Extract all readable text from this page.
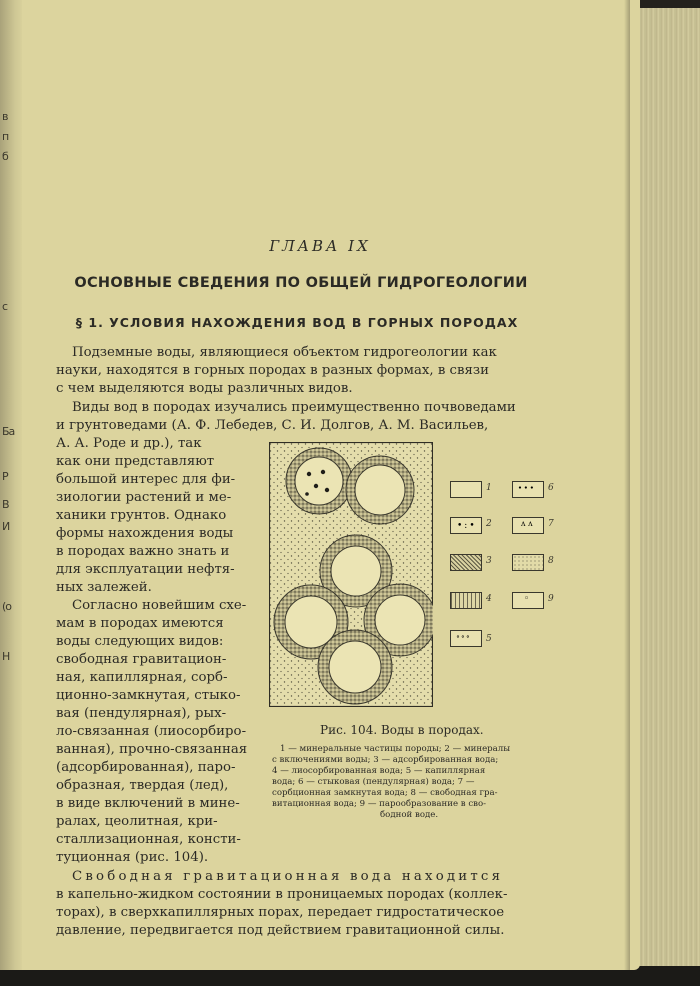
в
п
б
с
Ба
Р
В
И
(о
Н
ГЛАВА IX
ОСНОВНЫЕ СВЕДЕНИЯ ПО ОБЩЕЙ ГИДРОГЕОЛОГИИ
§ 1. УСЛОВИЯ НАХОЖДЕНИЯ ВОД В ГОРНЫХ ПОРОДАХ
Подземные воды, являющиеся объектом гидрогеологии как
науки, находятся в горных породах в разных формах, в связи
с чем выделяются воды различных видов.
Виды вод в породах изучались преимущественно почвоведами
и грунтоведами (А. Ф. Лебедев, С. И. Долгов, А. М. Васильев,
А. А. Роде и др.), так
как они представляют
большой интерес для фи-
зиологии растений и ме-
ханики грунтов. Однако
формы нахождения воды
в породах важно знать и
для эксплуатации нефтя-
ных залежей.
Согласно новейшим схе-
мам в породах имеются
воды следующих видов:
свободная гравитацион-
ная, капиллярная, сорб-
ционно-замкнутая, стыко-
вая (пендулярная), рых-
ло-связанная (лиосорбиро-
ванная), прочно-связанная
(адсорбированная), паро-
образная, твердая (лед),
в виде включений в мине-
ралах, цеолитная, кри-
сталлизационная, консти-
туционная (рис. 104).
1
•:• 2
3
4
∘∘∘ 5
∙∙∙ 6
ᴧ ᴧ 7
8
◦ 9
Рис. 104. Воды в породах.
1 — минеральные частицы породы; 2 — минералы
с включениями воды; 3 — адсорбированная вода;
4 — лиосорбированная вода; 5 — капиллярная
вода; 6 — стыковая (пендулярная) вода; 7 —
сорбционная замкнутая вода; 8 — свободная гра-
витационная вода; 9 — парообразование в сво-
бодной воде.
Свободная гравитационная вода находится
в капельно-жидком состоянии в проницаемых породах (коллек-
торах), в сверхкапиллярных порах, передает гидростатическое
давление, передвигается под действием гравитационной силы.
